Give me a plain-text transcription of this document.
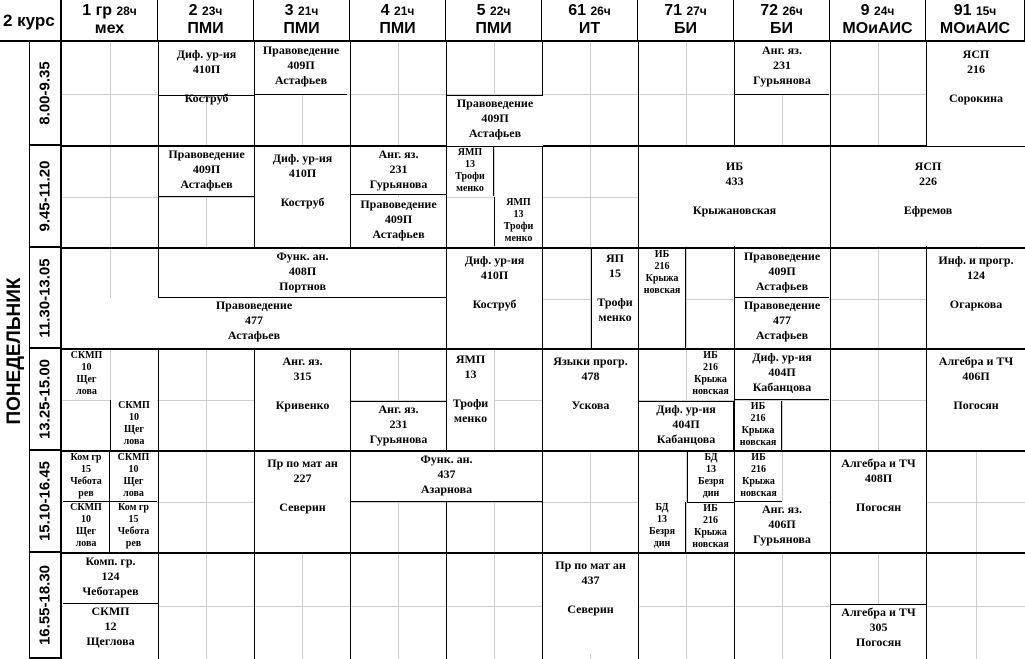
2 курс
ПОНЕДЕЛЬНИК
1 гр 28ч
мех
2 23ч
ПМИ
3 21ч
ПМИ
4 21ч
ПМИ
5 22ч
ПМИ
61 26ч
ИТ
71 27ч
БИ
72 26ч
БИ
9 24ч
МОиАИС
91 15ч
МОиАИС
8.00-9.35
9.45-11.20
11.30-13.05
13.25-15.00
15.10-16.45
16.55-18.30
Диф. ур-ия
410П

Коструб
Правоведение
409П
Астафьев
Правоведение
409П
Астафьев
Анг. яз.
231
Гурьянова
ЯСП
216

Сорокина
Правоведение
409П
Астафьев
Диф. ур-ия
410П

Коструб
Анг. яз.
231
Гурьянова
Правоведение
409П
Астафьев
ЯМП
13
Трофи
менко
ЯМП
13
Трофи
менко
ИБ
433

Крыжановская
ЯСП
226

Ефремов
Функ. ан.
408П
Портнов
Правоведение
477
Астафьев
Диф. ур-ия
410П

Коструб
ЯП
15

Трофи
менко
ИБ
216
Крыжа
новская
Правоведение
409П
Астафьев
Правоведение
477
Астафьев
Инф. и прогр.
124

Огаркова
СКМП
10
Щег
лова
СКМП
10
Щег
лова
Анг. яз.
315

Кривенко	Анг. яз.
231
Гурьянова
ЯМП
13

Трофи
менко
Языки прогр.
478

Ускова
ИБ
216
Крыжа
новская
Диф. ур-ия
404П
Кабанцова
Диф. ур-ия
404П
Кабанцова
ИБ
216
Крыжа
новская
Алгебра и ТЧ
406П

Погосян
Ком гр
15
Чебота
рев
СКМП
10
Щег
лова
СКМП
10
Щег
лова
Ком гр
15
Чебота
рев
Пр по мат ан
227

Северин
Функ. ан.
437
Азарнова
БД
13
Безря
дин
БД
13
Безря
дин
ИБ
216
Крыжа
новская
ИБ
216
Крыжа
новская
Анг. яз.
406П
Гурьянова
Алгебра и ТЧ
408П

Погосян
Комп. гр.
124
Чеботарев
СКМП
12
Щеглова
Пр по мат ан
437

Северин	Алгебра и ТЧ
305
Погосян
